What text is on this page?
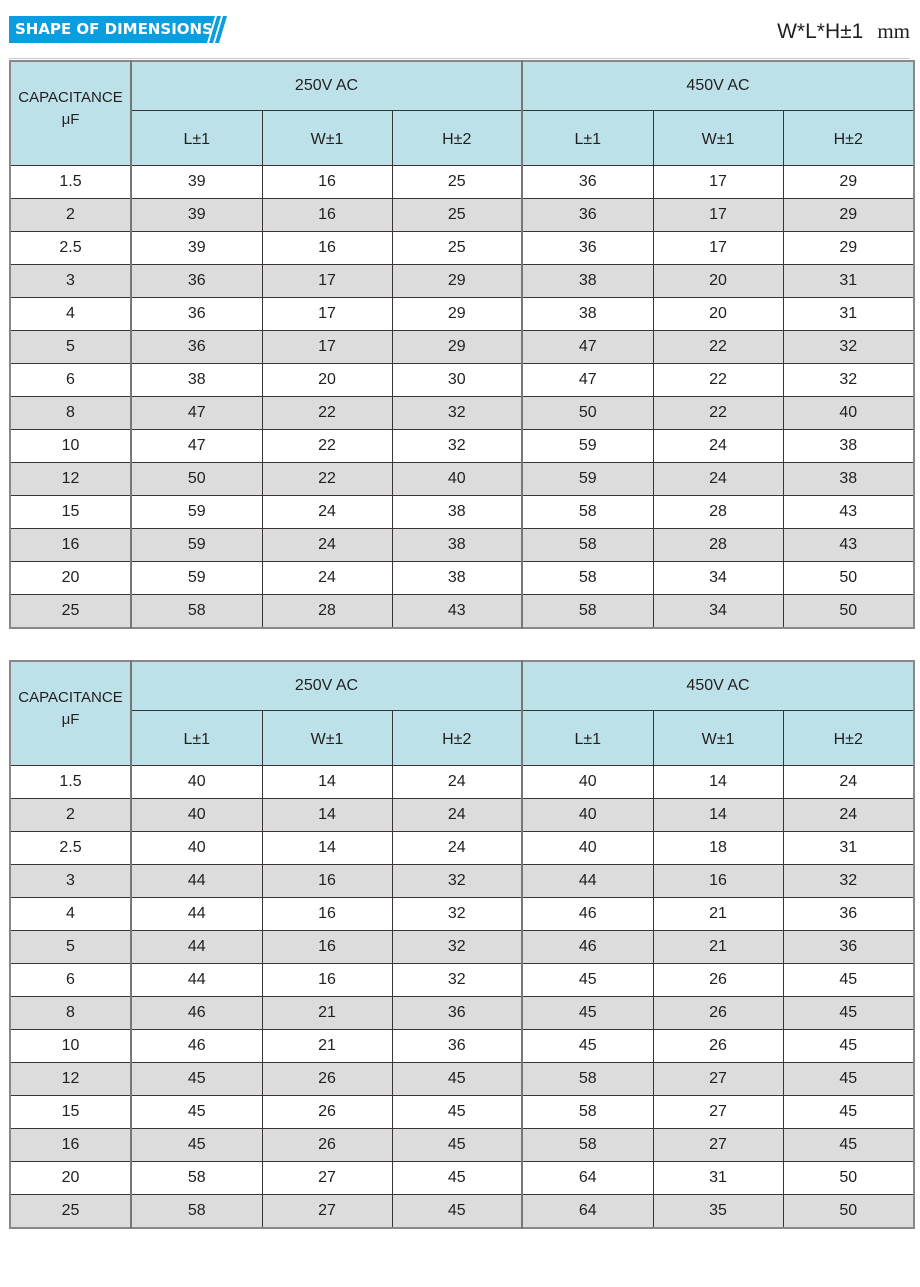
SHAPE OF DIMENSIONS	W*L*H±1 mm
CAPACITANCE
μF	250V AC			450V AC		
	L±1	W±1	H±2	L±1	W±1	H±2
1.5	39	16	25	36	17	29
2	39	16	25	36	17	29
2.5	39	16	25	36	17	29
3	36	17	29	38	20	31
4	36	17	29	38	20	31
5	36	17	29	47	22	32
6	38	20	30	47	22	32
8	47	22	32	50	22	40
10	47	22	32	59	24	38
12	50	22	40	59	24	38
15	59	24	38	58	28	43
16	59	24	38	58	28	43
20	59	24	38	58	34	50
25	58	28	43	58	34	50
CAPACITANCE
μF	250V AC			450V AC		
	L±1	W±1	H±2	L±1	W±1	H±2
1.5	40	14	24	40	14	24
2	40	14	24	40	14	24
2.5	40	14	24	40	18	31
3	44	16	32	44	16	32
4	44	16	32	46	21	36
5	44	16	32	46	21	36
6	44	16	32	45	26	45
8	46	21	36	45	26	45
10	46	21	36	45	26	45
12	45	26	45	58	27	45
15	45	26	45	58	27	45
16	45	26	45	58	27	45
20	58	27	45	64	31	50
25	58	27	45	64	35	50
